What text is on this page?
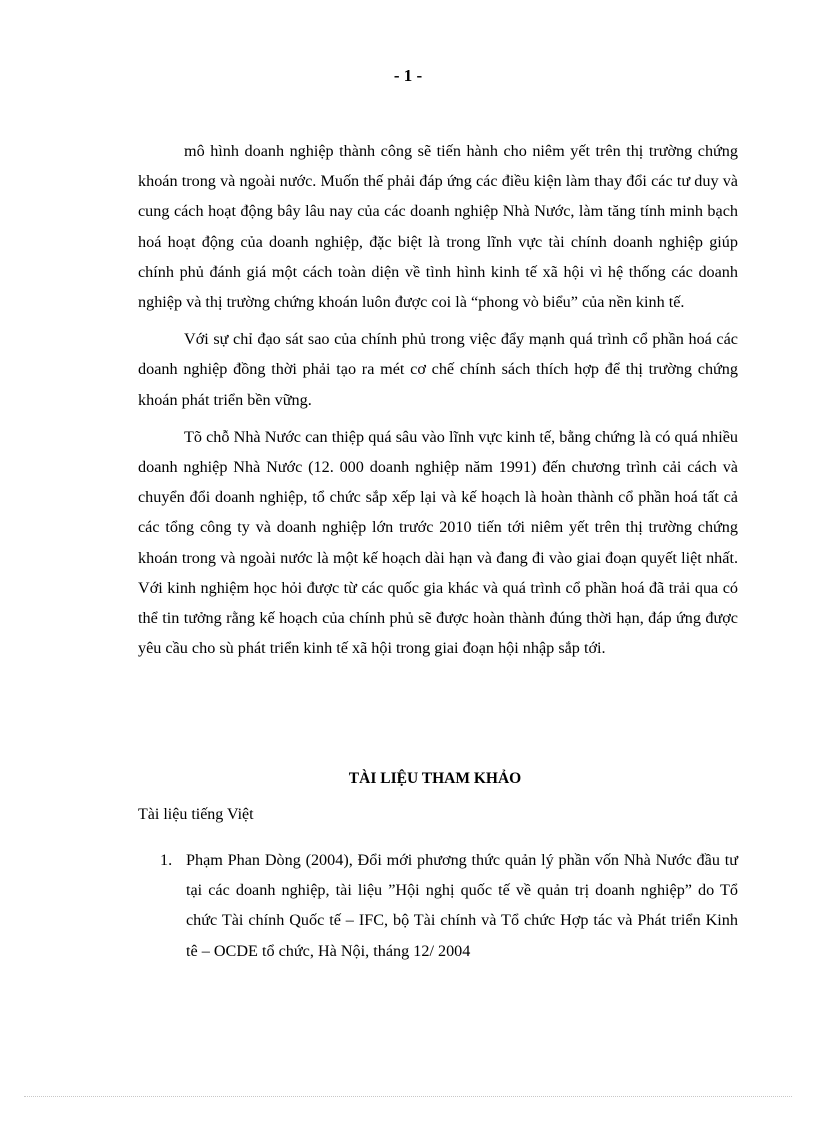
- 1 -

mô hình doanh nghiệp thành công sẽ tiến hành cho niêm yết trên thị trường chứng khoán trong và ngoài nước. Muốn thế phải đáp ứng các điều kiện làm thay đổi các tư duy và cung cách hoạt động bây lâu nay của các doanh nghiệp Nhà Nước, làm tăng tính minh bạch hoá hoạt động của doanh nghiệp, đặc biệt là trong lĩnh vực tài chính doanh nghiệp giúp chính phủ đánh giá một cách toàn diện về tình hình kinh tế xã hội vì hệ thống các doanh nghiệp và thị trường chứng khoán luôn được coi là “phong vò biểu” của nền kinh tế.

Với sự chỉ đạo sát sao của chính phủ trong việc đẩy mạnh quá trình cổ phần hoá các doanh nghiệp đồng thời phải tạo ra mét cơ chế chính sách thích hợp để thị trường chứng khoán phát triển bền vững.

Tõ chỗ Nhà Nước can thiệp quá sâu vào lĩnh vực kinh tế, bằng chứng là có quá nhiều doanh nghiệp Nhà Nước (12. 000 doanh nghiệp năm 1991) đến chương trình cải cách và chuyển đổi doanh nghiệp, tổ chức sắp xếp lại và kế hoạch là hoàn thành cổ phần hoá tất cả các tổng công ty và doanh nghiệp lớn trước 2010 tiến tới niêm yết trên thị trường chứng khoán trong và ngoài nước là một kế hoạch dài hạn và đang đi vào giai đoạn quyết liệt nhất. Với kinh nghiệm học hỏi được từ các quốc gia khác và quá trình cổ phần hoá đã trải qua có thể tin tưởng rằng kế hoạch của chính phủ sẽ được hoàn thành đúng thời hạn, đáp ứng được yêu cầu cho sù phát triển kinh tế xã hội trong giai đoạn hội nhập sắp tới.

TÀI LIỆU THAM KHẢO
Tài liệu tiếng Việt
1. Phạm Phan Dòng (2004), Đổi mới phương thức quản lý phần vốn Nhà Nước đầu tư tại các doanh nghiệp, tài liệu ”Hội nghị quốc tế về quản trị doanh nghiệp” do Tổ chức Tài chính Quốc tế – IFC, bộ Tài chính và Tổ chức Hợp tác và Phát triển Kinh tê – OCDE tổ chức, Hà Nội, tháng 12/ 2004
